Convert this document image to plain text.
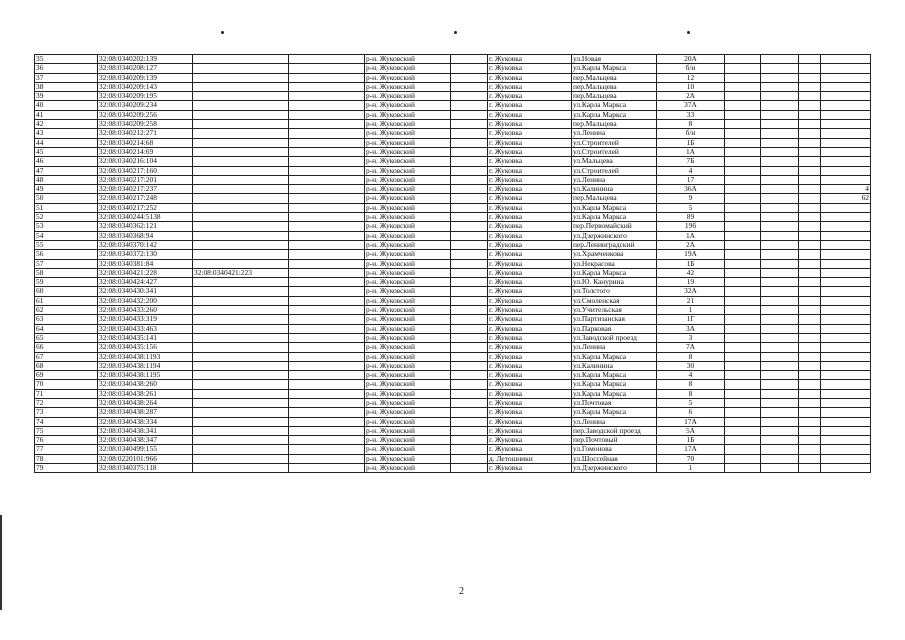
35	32:08:0340202:139			р-н. Жуковский		г. Жуковка	ул.Новая	20А				
36	32:08:0340208:127			р-н. Жуковский		г. Жуковка	ул.Карла Маркса	б/н				
37	32:08:0340209:139			р-н. Жуковский		г. Жуковка	пер.Мальцева	12				
38	32:08:0340209:143			р-н. Жуковский		г. Жуковка	пер.Мальцева	10				
39	32:08:0340209:195			р-н. Жуковский		г. Жуковка	пер.Мальцева	2А				
40	32:08:0340209:234			р-н. Жуковский		г. Жуковка	ул.Карла Маркса	37А				
41	32:08:0340209:256			р-н. Жуковский		г. Жуковка	ул.Карла Маркса	33				
42	32:08:0340209:258			р-н. Жуковский		г. Жуковка	пер.Мальцева	8				
43	32:08:0340212:271			р-н. Жуковский		г. Жуковка	ул.Ленина	б/н				
44	32:08:0340214:68			р-н. Жуковский		г. Жуковка	ул.Строителей	1Б				
45	32:08:0340214:69			р-н. Жуковский		г. Жуковка	ул.Строителей	1А				
46	32:08:0340216:104			р-н. Жуковский		г. Жуковка	ул.Мальцева	7Б				
47	32:08:0340217:160			р-н. Жуковский		г. Жуковка	ул.Строителей	4				
48	32:08:0340217:201			р-н. Жуковский		г. Жуковка	ул.Ленина	17				
49	32:08:0340217:237			р-н. Жуковский		г. Жуковка	ул.Калинина	36А				4
50	32:08:0340217:248			р-н. Жуковский		г. Жуковка	пер.Мальцева	9				62
51	32:08:0340217:252			р-н. Жуковский		г. Жуковка	ул.Карла Маркса	5				
52	32:08:0340244:5138			р-н. Жуковский		г. Жуковка	ул.Карла Маркса	89				
53	32:08:0340362:121			р-н. Жуковский		г. Жуковка	пер.Первомайский	19б				
54	32:08:0340368:94			р-н. Жуковский		г. Жуковка	ул.Дзержинского	1А				
55	32:08:0340370:142			р-н. Жуковский		г. Жуковка	пер.Ленинградский	2А				
56	32:08:0340372:130			р-н. Жуковский		г. Жуковка	ул.Храмченкова	19А				
57	32:08:0340381:84			р-н. Жуковский		г. Жуковка	ул.Некрасова	1Б				
58	32:08:0340421:228	32:08:0340421:223		р-н. Жуковский		г. Жуковка	ул.Карла Маркса	42				
59	32:08:0340424:427			р-н. Жуковский		г. Жуковка	ул.Ю. Канурина	19				
60	32:08:0340430:341			р-н. Жуковский		г. Жуковка	ул.Толстого	32А				
61	32:08:0340432:200			р-н. Жуковский		г. Жуковка	ул.Смоленская	21				
62	32:08:0340433:260			р-н. Жуковский		г. Жуковка	ул.Учительская	1				
63	32:08:0340433:319			р-н. Жуковский		г. Жуковка	ул.Партизанская	1Г				
64	32:08:0340433:463			р-н. Жуковский		г. Жуковка	ул.Парковая	3А				
65	32:08:0340435:141			р-н. Жуковский		г. Жуковка	ул.Заводской проезд	3				
66	32:08:0340435:156			р-н. Жуковский		г. Жуковка	ул.Ленина	7А				
67	32:08:0340438:1193			р-н. Жуковский		г. Жуковка	ул.Карла Маркса	8				
68	32:08:0340438:1194			р-н. Жуковский		г. Жуковка	ул.Калинина	30				
69	32:08:0340438:1195			р-н. Жуковский		г. Жуковка	ул.Карла Маркса	4				
70	32:08:0340438:260			р-н. Жуковский		г. Жуковка	ул.Карла Маркса	8				
71	32:08:0340438:261			р-н. Жуковский		г. Жуковка	ул.Карла Маркса	8				
72	32:08:0340438:264			р-н. Жуковский		г. Жуковка	ул.Почтовая	5				
73	32:08:0340438:287			р-н. Жуковский		г. Жуковка	ул.Карла Маркса	6				
74	32:08:0340438:334			р-н. Жуковский		г. Жуковка	ул.Ленина	17А				
75	32:08:0340438:341			р-н. Жуковский		г. Жуковка	пер.Заводской проезд	5А				
76	32:08:0340438:347			р-н. Жуковский		г. Жуковка	пер.Почтовый	1Б				
77	32:08:0340499:155			р-н. Жуковский		г. Жуковка	ул.Гомонова	17А				
78	32:08:0220101:966			р-н. Жуковский		д. Летошники	ул.Шоссейная	70				
79	32:08:0340375:118			р-н. Жуковский		г. Жуковка	ул.Дзержинского	1				
2
